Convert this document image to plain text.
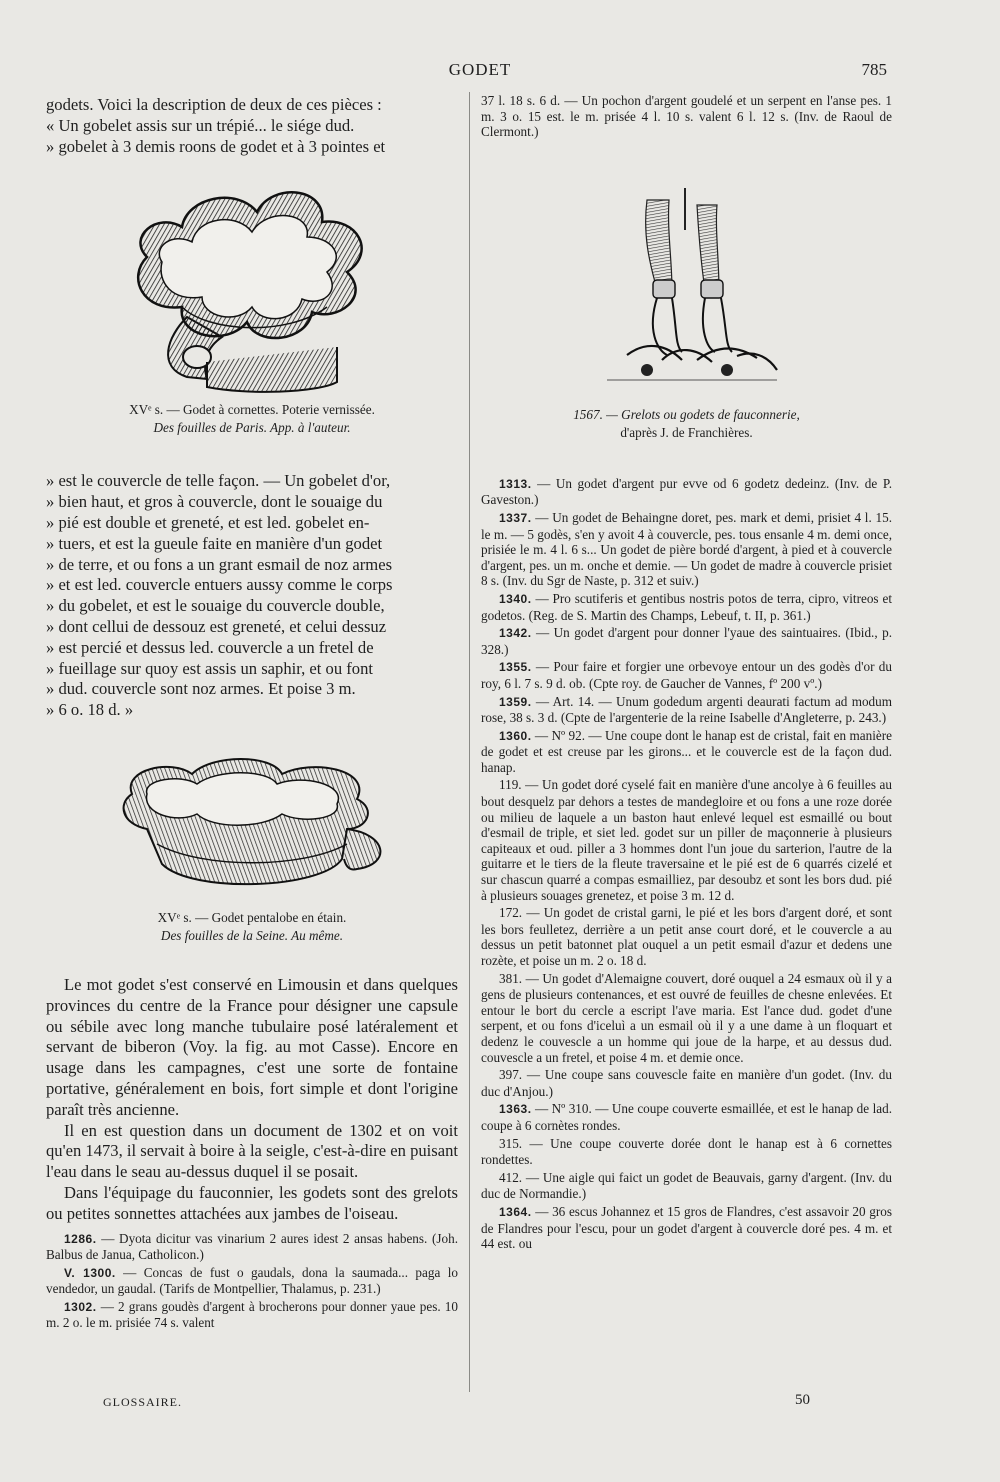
GODET	785

godets. Voici la description de deux de ces pièces :
« Un gobelet assis sur un trépié... le siége dud.
» gobelet à 3 demis roons de godet et à 3 pointes et

XVᵉ s. — Godet à cornettes. Poterie vernissée.

Des fouilles de Paris. App. à l'auteur.

» est le couvercle de telle façon. — Un gobelet d'or,
» bien haut, et gros à couvercle, dont le souaige du
» pié est double et greneté, et est led. gobelet en-
» tuers, et est la gueule faite en manière d'un godet
» de terre, et ou fons a un grant esmail de noz armes
» et est led. couvercle entuers aussy comme le corps
» du gobelet, et est le souaige du couvercle double,
» dont cellui de dessouz est greneté, et celui dessuz
» est percié et dessus led. couvercle a un fretel de
» fueillage sur quoy est assis un saphir, et ou font
» dud. couvercle sont noz armes. Et poise 3 m.
» 6 o. 18 d. »

XVᵉ s. — Godet pentalobe en étain.

Des fouilles de la Seine. Au même.

Le mot godet s'est conservé en Limousin et dans quelques provinces du centre de la France pour désigner une capsule ou sébile avec long manche tubulaire posé latéralement et servant de biberon (Voy. la fig. au mot Casse). Encore en usage dans les campagnes, c'est une sorte de fontaine portative, généralement en bois, fort simple et dont l'origine paraît très ancienne.

Il en est question dans un document de 1302 et on voit qu'en 1473, il servait à boire à la seigle, c'est-à-dire en puisant l'eau dans le seau au-dessus duquel il se posait.

Dans l'équipage du fauconnier, les godets sont des grelots ou petites sonnettes attachées aux jambes de l'oiseau.

1286. — Dyota dicitur vas vinarium 2 aures idest 2 ansas habens. (Joh. Balbus de Janua, Catholicon.)

V. 1300. — Concas de fust o gaudals, dona la saumada... paga lo vendedor, un gaudal. (Tarifs de Montpellier, Thalamus, p. 231.)

1302. — 2 grans goudès d'argent à brocherons pour donner yaue pes. 10 m. 2 o. le m. prisiée 74 s. valent

37 l. 18 s. 6 d. — Un pochon d'argent goudelé et un serpent en l'anse pes. 1 m. 3 o. 15 est. le m. prisée 4 l. 10 s. valent 6 l. 12 s. (Inv. de Raoul de Clermont.)

1567. — Grelots ou godets de fauconnerie,

d'après J. de Franchières.

1313. — Un godet d'argent pur evve od 6 godetz dedeinz. (Inv. de P. Gaveston.)

1337. — Un godet de Behaingne doret, pes. mark et demi, prisiet 4 l. 15. le m. — 5 godès, s'en y avoit 4 à couvercle, pes. tous ensanle 4 m. demi once, prisiée le m. 4 l. 6 s... Un godet de pière bordé d'argent, à pied et à couvercle d'argent, pes. un m. onche et demie. — Un godet de madre à couvercle prisiet 8 s. (Inv. du Sgr de Naste, p. 312 et suiv.)

1340. — Pro scutiferis et gentibus nostris potos de terra, cipro, vitreos et godetos. (Reg. de S. Martin des Champs, Lebeuf, t. II, p. 361.)

1342. — Un godet d'argent pour donner l'yaue des saintuaires. (Ibid., p. 328.)

1355. — Pour faire et forgier une orbevoye entour un des godès d'or du roy, 6 l. 7 s. 9 d. ob. (Cpte roy. de Gaucher de Vannes, fº 200 vº.)

1359. — Art. 14. — Unum godedum argenti deaurati factum ad modum rose, 38 s. 3 d. (Cpte de l'argenterie de la reine Isabelle d'Angleterre, p. 243.)

1360. — Nº 92. — Une coupe dont le hanap est de cristal, fait en manière de godet et est creuse par les girons... et le couvercle est de la façon dud. hanap.

119. — Un godet doré cyselé fait en manière d'une ancolye à 6 feuilles au bout desquelz par dehors a testes de mandegloire et ou fons a une roze dorée ou milieu de laquele a un baston haut enlevé lequel est esmaillé ou bout d'esmail de triple, et siet led. godet sur un piller de maçonnerie à plusieurs capiteaux et oud. piller a 3 hommes dont l'un joue du sarterion, l'autre de la guitarre et le tiers de la fleute traversaine et le pié est de 6 quarrés cizelé et sur chascun quarré a compas esmailliez, par desoubz et sont les bors dud. pié à plusieurs souages grenetez, et poise 3 m. 12 d.

172. — Un godet de cristal garni, le pié et les bors d'argent doré, et sont les bors feulletez, derrière a un petit anse court doré, et le couvercle a au dessus un petit batonnet plat ouquel a un petit esmail d'azur et dedens une rozète, et poise un m. 2 o. 18 d.

381. — Un godet d'Alemaigne couvert, doré ouquel a 24 esmaux où il y a gens de plusieurs contenances, et est ouvré de feuilles de chesne enlevées. Et entour le bort du cercle a escript l'ave maria. Est l'ance dud. godet d'une serpent, et ou fons d'iceluì a un esmail où il y a une dame à un floquart et dedenz le couvescle a un homme qui joue de la harpe, et au dessus dud. couvescle a un fretel, et poise 4 m. et demie once.

397. — Une coupe sans couvescle faite en manière d'un godet. (Inv. du duc d'Anjou.)

1363. — Nº 310. — Une coupe couverte esmaillée, et est le hanap de lad. coupe à 6 cornètes rondes.

315. — Une coupe couverte dorée dont le hanap est à 6 cornettes rondettes.

412. — Une aigle qui faict un godet de Beauvais, garny d'argent. (Inv. du duc de Normandie.)

1364. — 36 escus Johannez et 15 gros de Flandres, c'est assavoir 20 gros de Flandres pour l'escu, pour un godet d'argent à couvercle doré pes. 4 m. et 44 est. ou

GLOSSAIRE.	50
